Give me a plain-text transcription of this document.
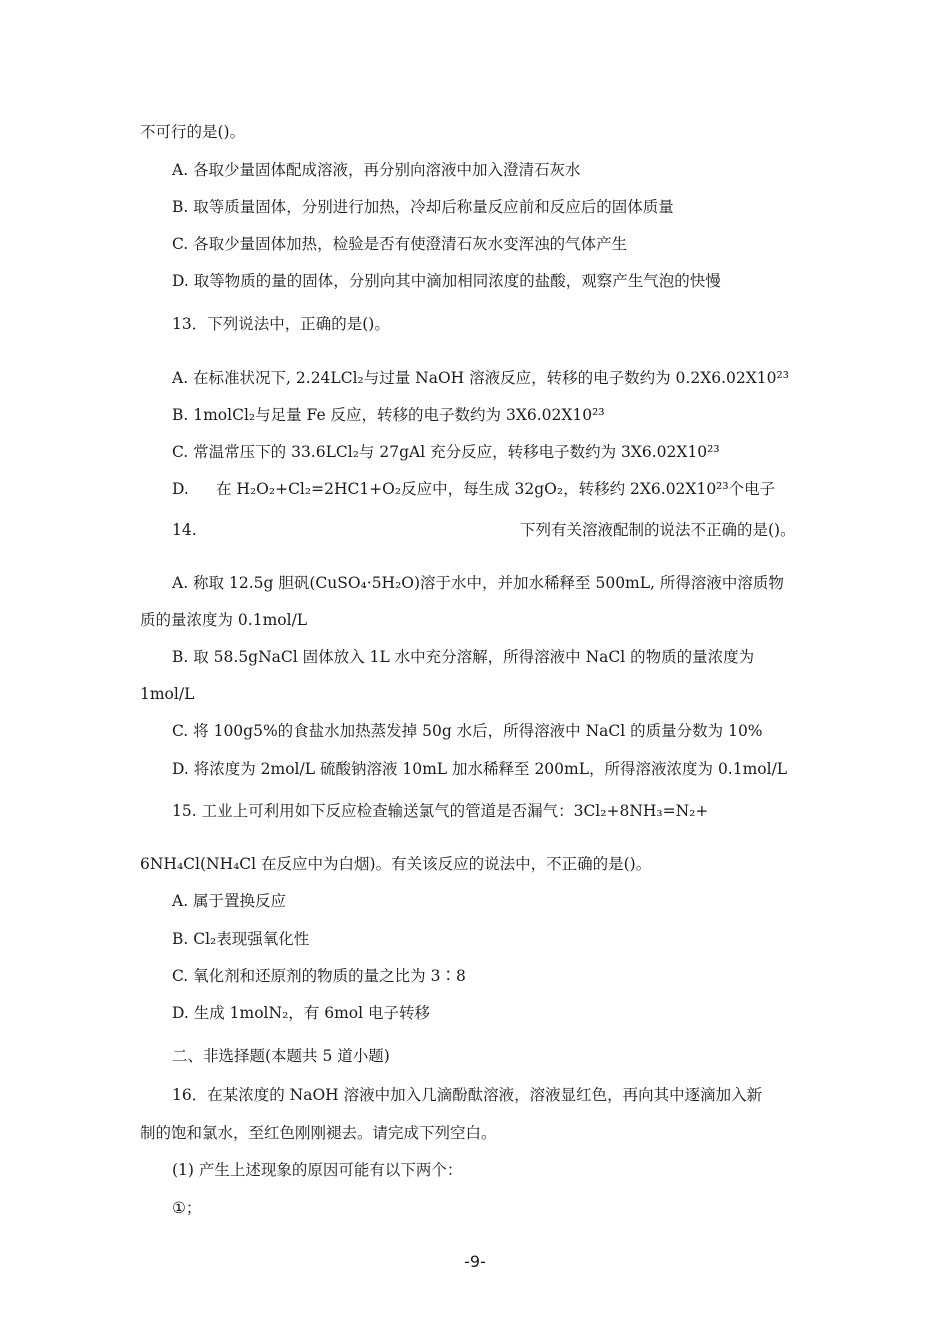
不可行的是()。
A. 各取少量固体配成溶液，再分别向溶液中加入澄清石灰水
B. 取等质量固体，分别进行加热，冷却后称量反应前和反应后的固体质量
C. 各取少量固体加热，检验是否有使澄清石灰水变浑浊的气体产生
D. 取等物质的量的固体，分别向其中滴加相同浓度的盐酸，观察产生气泡的快慢
13．下列说法中，正确的是()。
A. 在标准状况下, 2.24LCl₂与过量 NaOH 溶液反应，转移的电子数约为 0.2X6.02X10²³
B. 1molCl₂与足量 Fe 反应，转移的电子数约为 3X6.02X10²³
C. 常温常压下的 33.6LCl₂与 27gAl 充分反应，转移电子数约为 3X6.02X10²³
D. 在 H₂O₂+Cl₂=2HC1+O₂反应中，每生成 32gO₂，转移约 2X6.02X10²³个电子
14.	下列有关溶液配制的说法不正确的是()。
A. 称取 12.5g 胆矾(CuSO₄·5H₂O)溶于水中，并加水稀释至 500mL, 所得溶液中溶质物
质的量浓度为 0.1mol/L
B. 取 58.5gNaCl 固体放入 1L 水中充分溶解，所得溶液中 NaCl 的物质的量浓度为
1mol/L
C. 将 100g5%的食盐水加热蒸发掉 50g 水后，所得溶液中 NaCl 的质量分数为 10%
D. 将浓度为 2mol/L 硫酸钠溶液 10mL 加水稀释至 200mL，所得溶液浓度为 0.1mol/L
15. 工业上可利用如下反应检查输送氯气的管道是否漏气：3Cl₂+8NH₃=N₂+
6NH₄Cl(NH₄Cl 在反应中为白烟)。有关该反应的说法中，不正确的是()。
A. 属于置换反应
B. Cl₂表现强氧化性
C. 氧化剂和还原剂的物质的量之比为 3∶8
D. 生成 1molN₂，有 6mol 电子转移
二、非选择题(本题共 5 道小题)
16．在某浓度的 NaOH 溶液中加入几滴酚酞溶液，溶液显红色，再向其中逐滴加入新
制的饱和氯水，至红色刚刚褪去。请完成下列空白。
(1) 产生上述现象的原因可能有以下两个：
①；
-9-
